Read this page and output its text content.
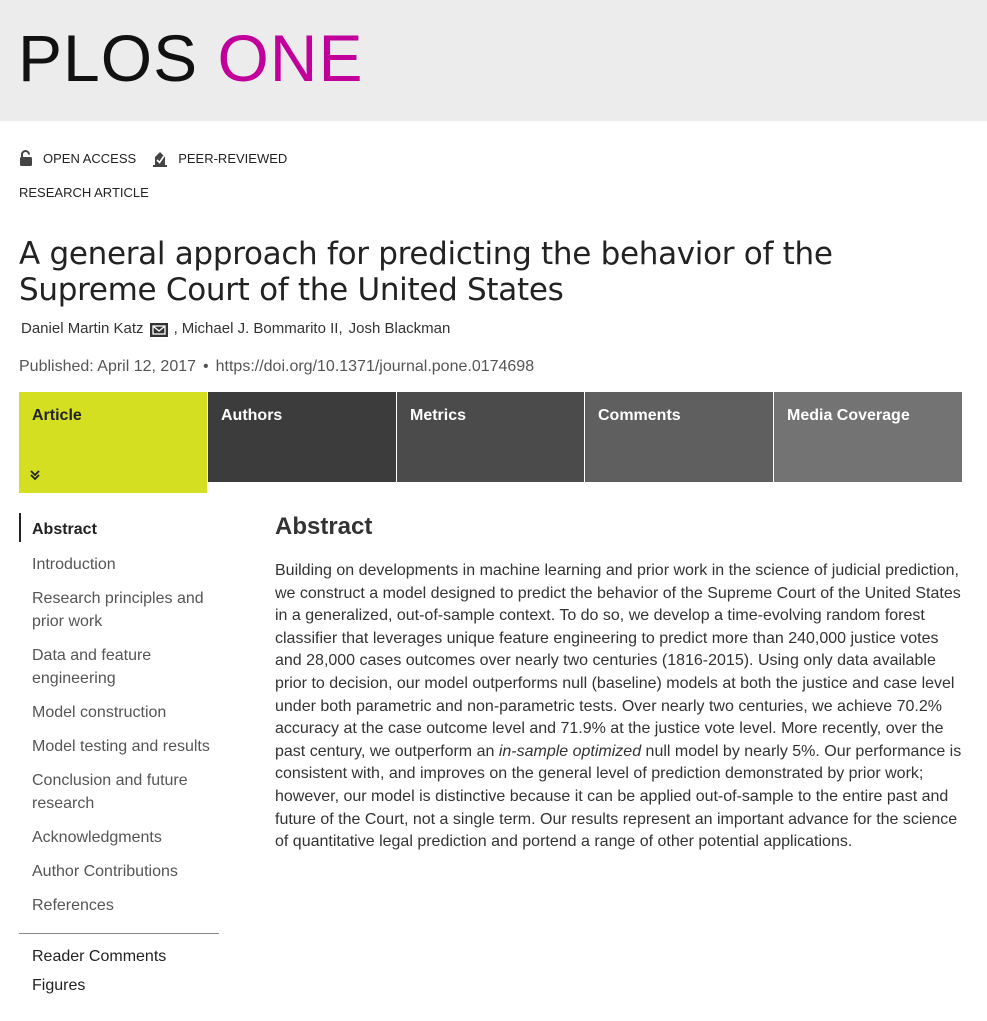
PLOS ONE
OPEN ACCESS	PEER-REVIEWED
RESEARCH ARTICLE
A general approach for predicting the behavior of the Supreme Court of the United States
Daniel Martin Katz , Michael J. Bommarito II, Josh Blackman
Published: April 12, 2017 • https://doi.org/10.1371/journal.pone.0174698
Article	Authors	Metrics	Comments	Media Coverage
Abstract
Introduction
Research principles and prior work
Data and feature engineering
Model construction
Model testing and results
Conclusion and future research
Acknowledgments
Author Contributions
References
Reader Comments
Figures
Abstract

Building on developments in machine learning and prior work in the science of judicial prediction, we construct a model designed to predict the behavior of the Supreme Court of the United States in a generalized, out-of-sample context. To do so, we develop a time-evolving random forest classifier that leverages unique feature engineering to predict more than 240,000 justice votes and 28,000 cases outcomes over nearly two centuries (1816-2015). Using only data available prior to decision, our model outperforms null (baseline) models at both the justice and case level under both parametric and non-parametric tests. Over nearly two centuries, we achieve 70.2% accuracy at the case outcome level and 71.9% at the justice vote level. More recently, over the past century, we outperform an in-sample optimized null model by nearly 5%. Our performance is consistent with, and improves on the general level of prediction demonstrated by prior work; however, our model is distinctive because it can be applied out-of-sample to the entire past and future of the Court, not a single term. Our results represent an important advance for the science of quantitative legal prediction and portend a range of other potential applications.
